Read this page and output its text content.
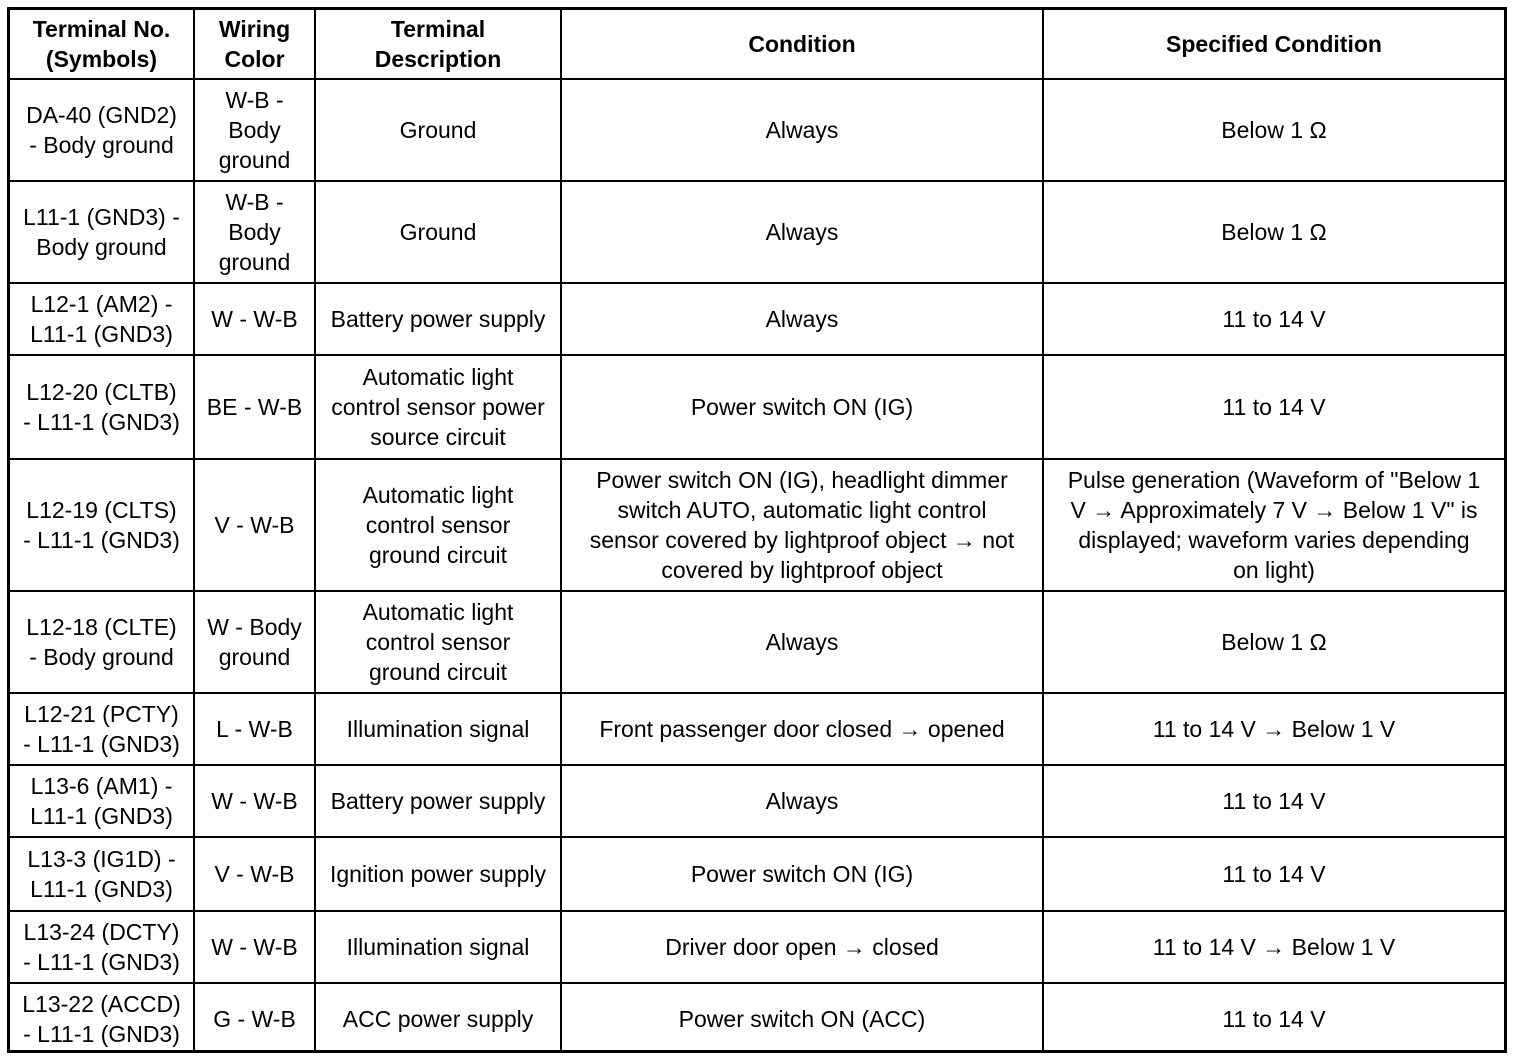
Terminal No.
(Symbols)	Wiring
Color	Terminal
Description	Condition	Specified Condition
DA-40 (GND2)
- Body ground	W-B -
Body
ground	Ground	Always	Below 1 Ω
L11-1 (GND3) -
Body ground	W-B -
Body
ground	Ground	Always	Below 1 Ω
L12-1 (AM2) -
L11-1 (GND3)	W - W-B	Battery power supply	Always	11 to 14 V
L12-20 (CLTB)
- L11-1 (GND3)	BE - W-B	Automatic light
control sensor power
source circuit	Power switch ON (IG)	11 to 14 V
L12-19 (CLTS)
- L11-1 (GND3)	V - W-B	Automatic light
control sensor
ground circuit	Power switch ON (IG), headlight dimmer
switch AUTO, automatic light control
sensor covered by lightproof object → not
covered by lightproof object	Pulse generation (Waveform of "Below 1
V → Approximately 7 V → Below 1 V" is
displayed; waveform varies depending
on light)
L12-18 (CLTE)
- Body ground	W - Body
ground	Automatic light
control sensor
ground circuit	Always	Below 1 Ω
L12-21 (PCTY)
- L11-1 (GND3)	L - W-B	Illumination signal	Front passenger door closed → opened	11 to 14 V → Below 1 V
L13-6 (AM1) -
L11-1 (GND3)	W - W-B	Battery power supply	Always	11 to 14 V
L13-3 (IG1D) -
L11-1 (GND3)	V - W-B	Ignition power supply	Power switch ON (IG)	11 to 14 V
L13-24 (DCTY)
- L11-1 (GND3)	W - W-B	Illumination signal	Driver door open → closed	11 to 14 V → Below 1 V
L13-22 (ACCD)
- L11-1 (GND3)	G - W-B	ACC power supply	Power switch ON (ACC)	11 to 14 V
